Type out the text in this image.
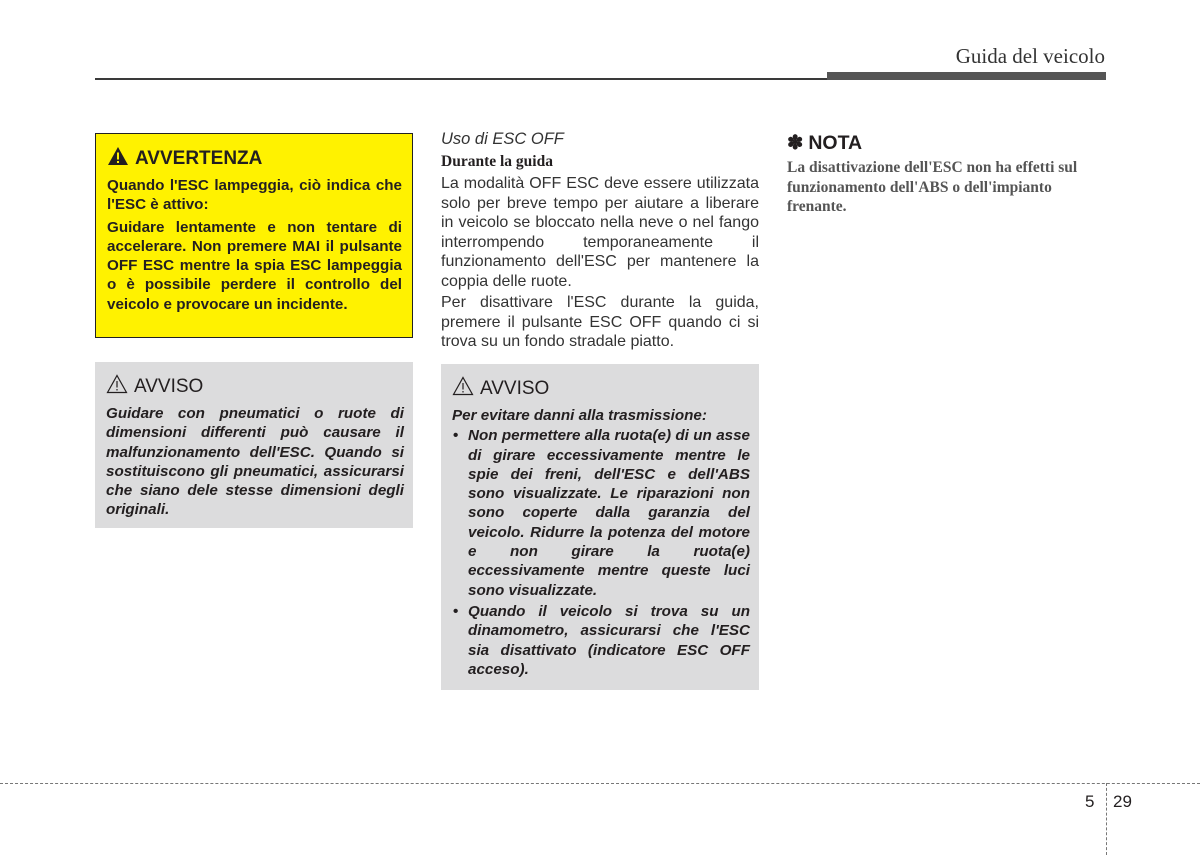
Guida del veicolo
AVVERTENZA

Quando l'ESC lampeggia, ciò indica che l'ESC è attivo:

Guidare lentamente e non tentare di accelerare. Non premere MAI il pulsante OFF ESC mentre la spia ESC lampeggia o è possibile perdere il controllo del veicolo e provocare un incidente.

AVVISO

Guidare con pneumatici o ruote di dimensioni differenti può causare il malfunzionamento dell'ESC. Quando si sostituiscono gli pneumatici, assicurarsi che siano dele stesse dimensioni degli originali.

Uso di ESC OFF
Durante la guida

La modalità OFF ESC deve essere utilizzata solo per breve tempo per aiutare a liberare in veicolo se bloccato nella neve o nel fango interrompendo temporaneamente il funzionamento dell'ESC per mantenere la coppia delle ruote.

Per disattivare l'ESC durante la guida, premere il pulsante ESC OFF quando ci si trova su un fondo stradale piatto.

AVVISO

Per evitare danni alla trasmissione:

• Non permettere alla ruota(e) di un asse di girare eccessivamente mentre le spie dei freni, dell'ESC e dell'ABS sono visualizzate. Le riparazioni non sono coperte dalla garanzia del veicolo. Ridurre la potenza del motore e non girare la ruota(e) eccessivamente mentre queste luci sono visualizzate.
• Quando il veicolo si trova su un dinamometro, assicurarsi che l'ESC sia disattivato (indicatore ESC OFF acceso).
✽ NOTA
La disattivazione dell'ESC non ha effetti sul funzionamento dell'ABS o dell'impianto frenante.
5 29
